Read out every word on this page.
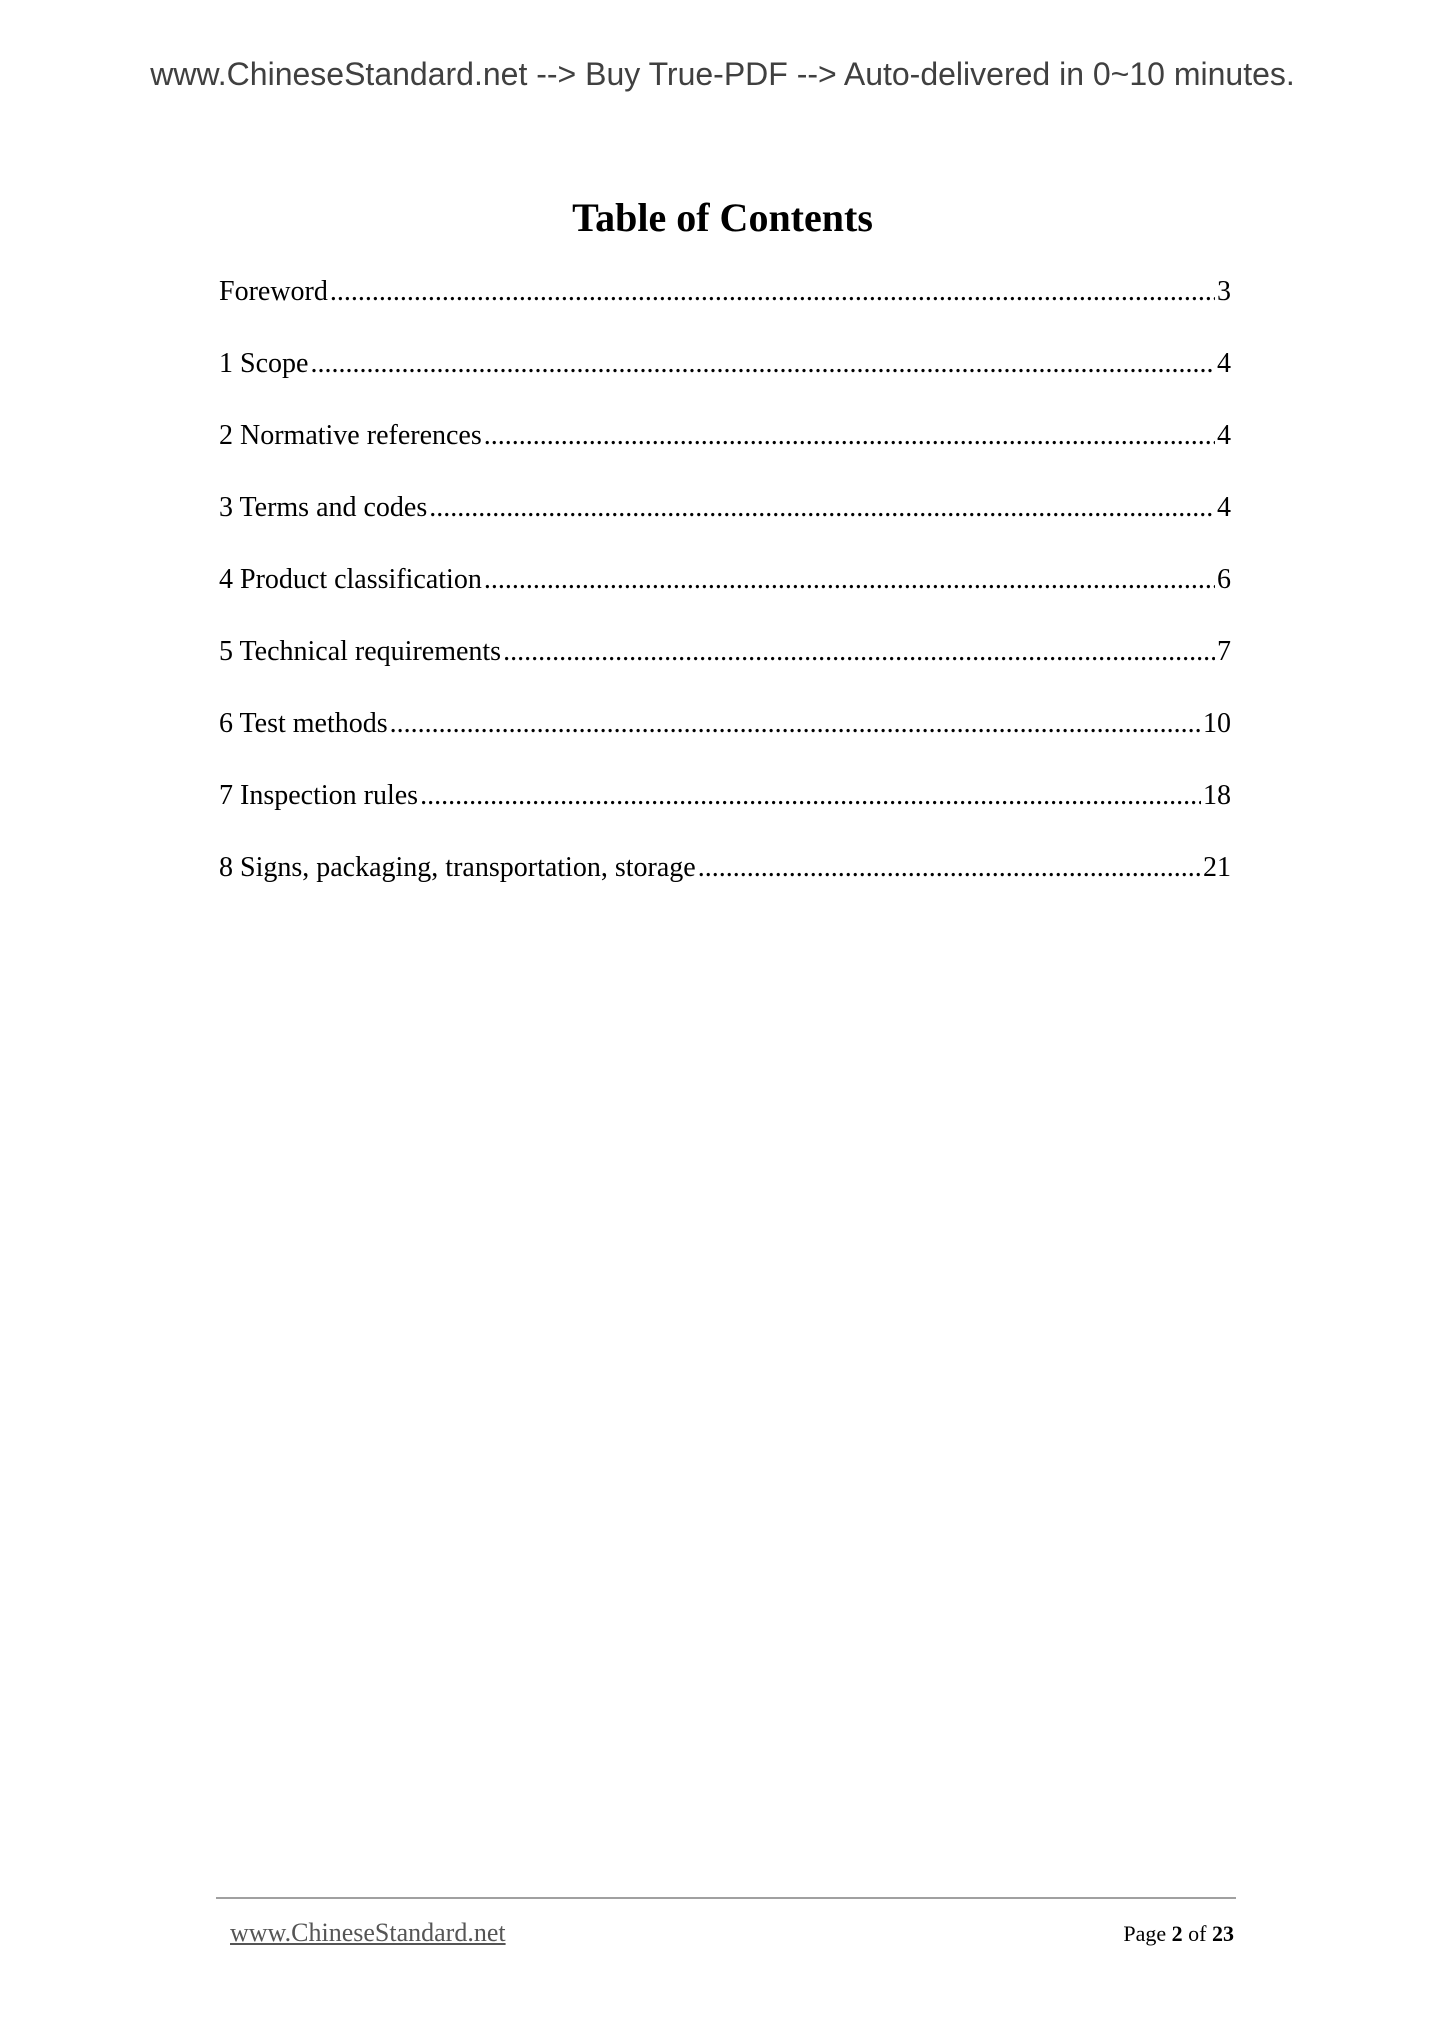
www.ChineseStandard.net --> Buy True-PDF --> Auto-delivered in 0~10 minutes.
Table of Contents
Foreword .....	3
1 Scope .....	4
2 Normative references .....	4
3 Terms and codes .....	4
4 Product classification .....	6
5 Technical requirements .....	7
6 Test methods .....	10
7 Inspection rules .....	18
8 Signs, packaging, transportation, storage .....	21
www.ChineseStandard.net	Page 2 of 23
